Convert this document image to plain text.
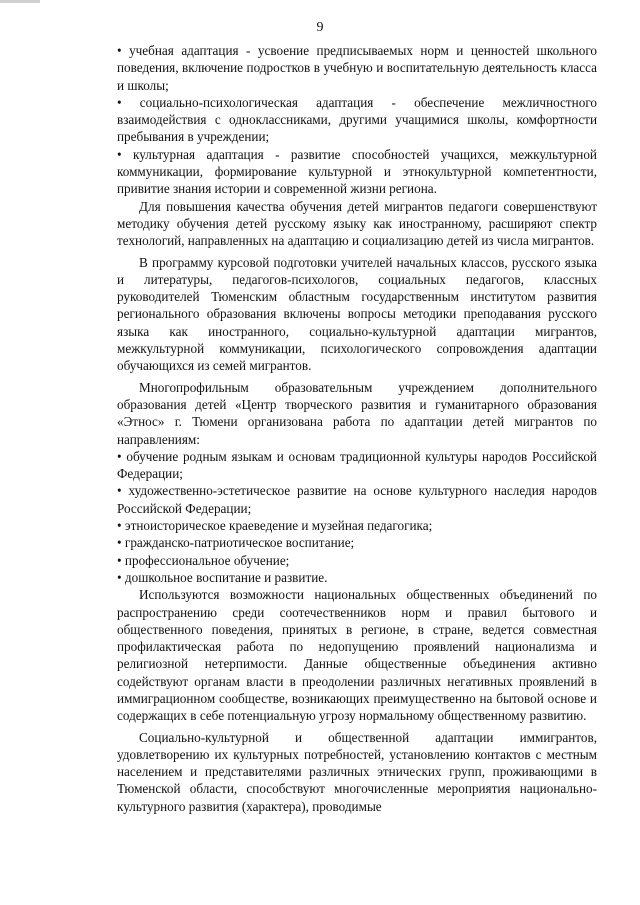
9

• учебная адаптация - усвоение предписываемых норм и ценностей школьного поведения, включение подростков в учебную и воспитательную деятельность класса и школы;

• социально-психологическая адаптация - обеспечение межличностного взаимодействия с одноклассниками, другими учащимися школы, комфортности пребывания в учреждении;

• культурная адаптация - развитие способностей учащихся, межкультурной коммуникации, формирование культурной и этнокультурной компетентности, привитие знания истории и современной жизни региона.

Для повышения качества обучения детей мигрантов педагоги совершенствуют методику обучения детей русскому языку как иностранному, расширяют спектр технологий, направленных на адаптацию и социализацию детей из числа мигрантов.

В программу курсовой подготовки учителей начальных классов, русского языка и литературы, педагогов-психологов, социальных педагогов, классных руководителей Тюменским областным государственным институтом развития регионального образования включены вопросы методики преподавания русского языка как иностранного, социально-культурной адаптации мигрантов, межкультурной коммуникации, психологического сопровождения адаптации обучающихся из семей мигрантов.

Многопрофильным образовательным учреждением дополнительного образования детей «Центр творческого развития и гуманитарного образования «Этнос» г. Тюмени организована работа по адаптации детей мигрантов по направлениям:

• обучение родным языкам и основам традиционной культуры народов Российской Федерации;

• художественно-эстетическое развитие на основе культурного наследия народов Российской Федерации;

• этноисторическое краеведение и музейная педагогика;

• гражданско-патриотическое воспитание;

• профессиональное обучение;

• дошкольное воспитание и развитие.

Используются возможности национальных общественных объединений по распространению среди соотечественников норм и правил бытового и общественного поведения, принятых в регионе, в стране, ведется совместная профилактическая работа по недопущению проявлений национализма и религиозной нетерпимости. Данные общественные объединения активно содействуют органам власти в преодолении различных негативных проявлений в иммиграционном сообществе, возникающих преимущественно на бытовой основе и содержащих в себе потенциальную угрозу нормальному общественному развитию.

Социально-культурной и общественной адаптации иммигрантов, удовлетворению их культурных потребностей, установлению контактов с местным населением и представителями различных этнических групп, проживающими в Тюменской области, способствуют многочисленные мероприятия национально-культурного развития (характера), проводимые
